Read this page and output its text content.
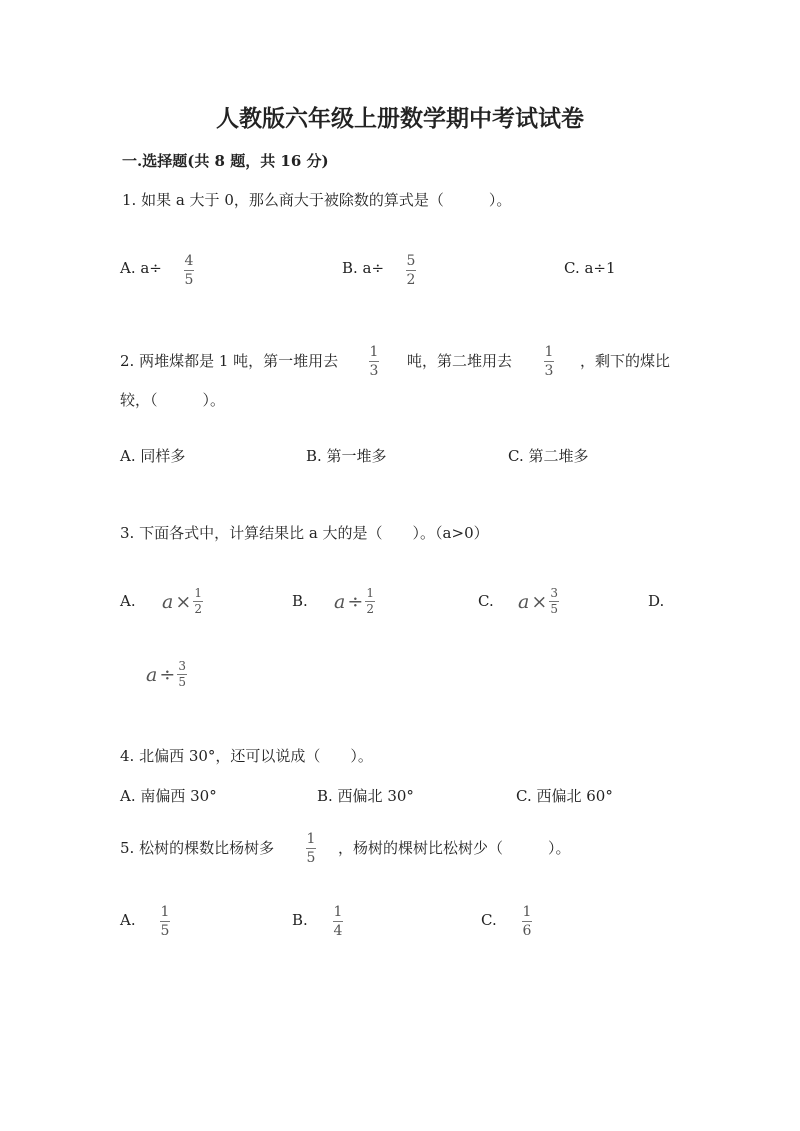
人教版六年级上册数学期中考试试卷
一.选择题(共 8 题，共 16 分)
1. 如果 a 大于 0，那么商大于被除数的算式是（　　　）。
A. a÷ 4
5
B. a÷ 5
2
C. a÷1
2. 两堆煤都是 1 吨，第一堆用去 1
3
吨，第二堆用去 1
3
，剩下的煤比
较，（　　　）。
A. 同样多	B. 第一堆多	C. 第二堆多
3. 下面各式中，计算结果比 a 大的是（　　）。（a>0）
A. $a \times \frac{1}{2}$	B. $a \div \frac{1}{2}$	C. $a \times \frac{3}{5}$	D.
$a \div \frac{3}{5}$
4. 北偏西 30°，还可以说成（　　）。
A. 南偏西 30°	B. 西偏北 30°	C. 西偏北 60°
5. 松树的棵数比杨树多 1
5
，杨树的棵树比松树少（　　　）。
A. 1
5
B. 1
4
C. 1
6
